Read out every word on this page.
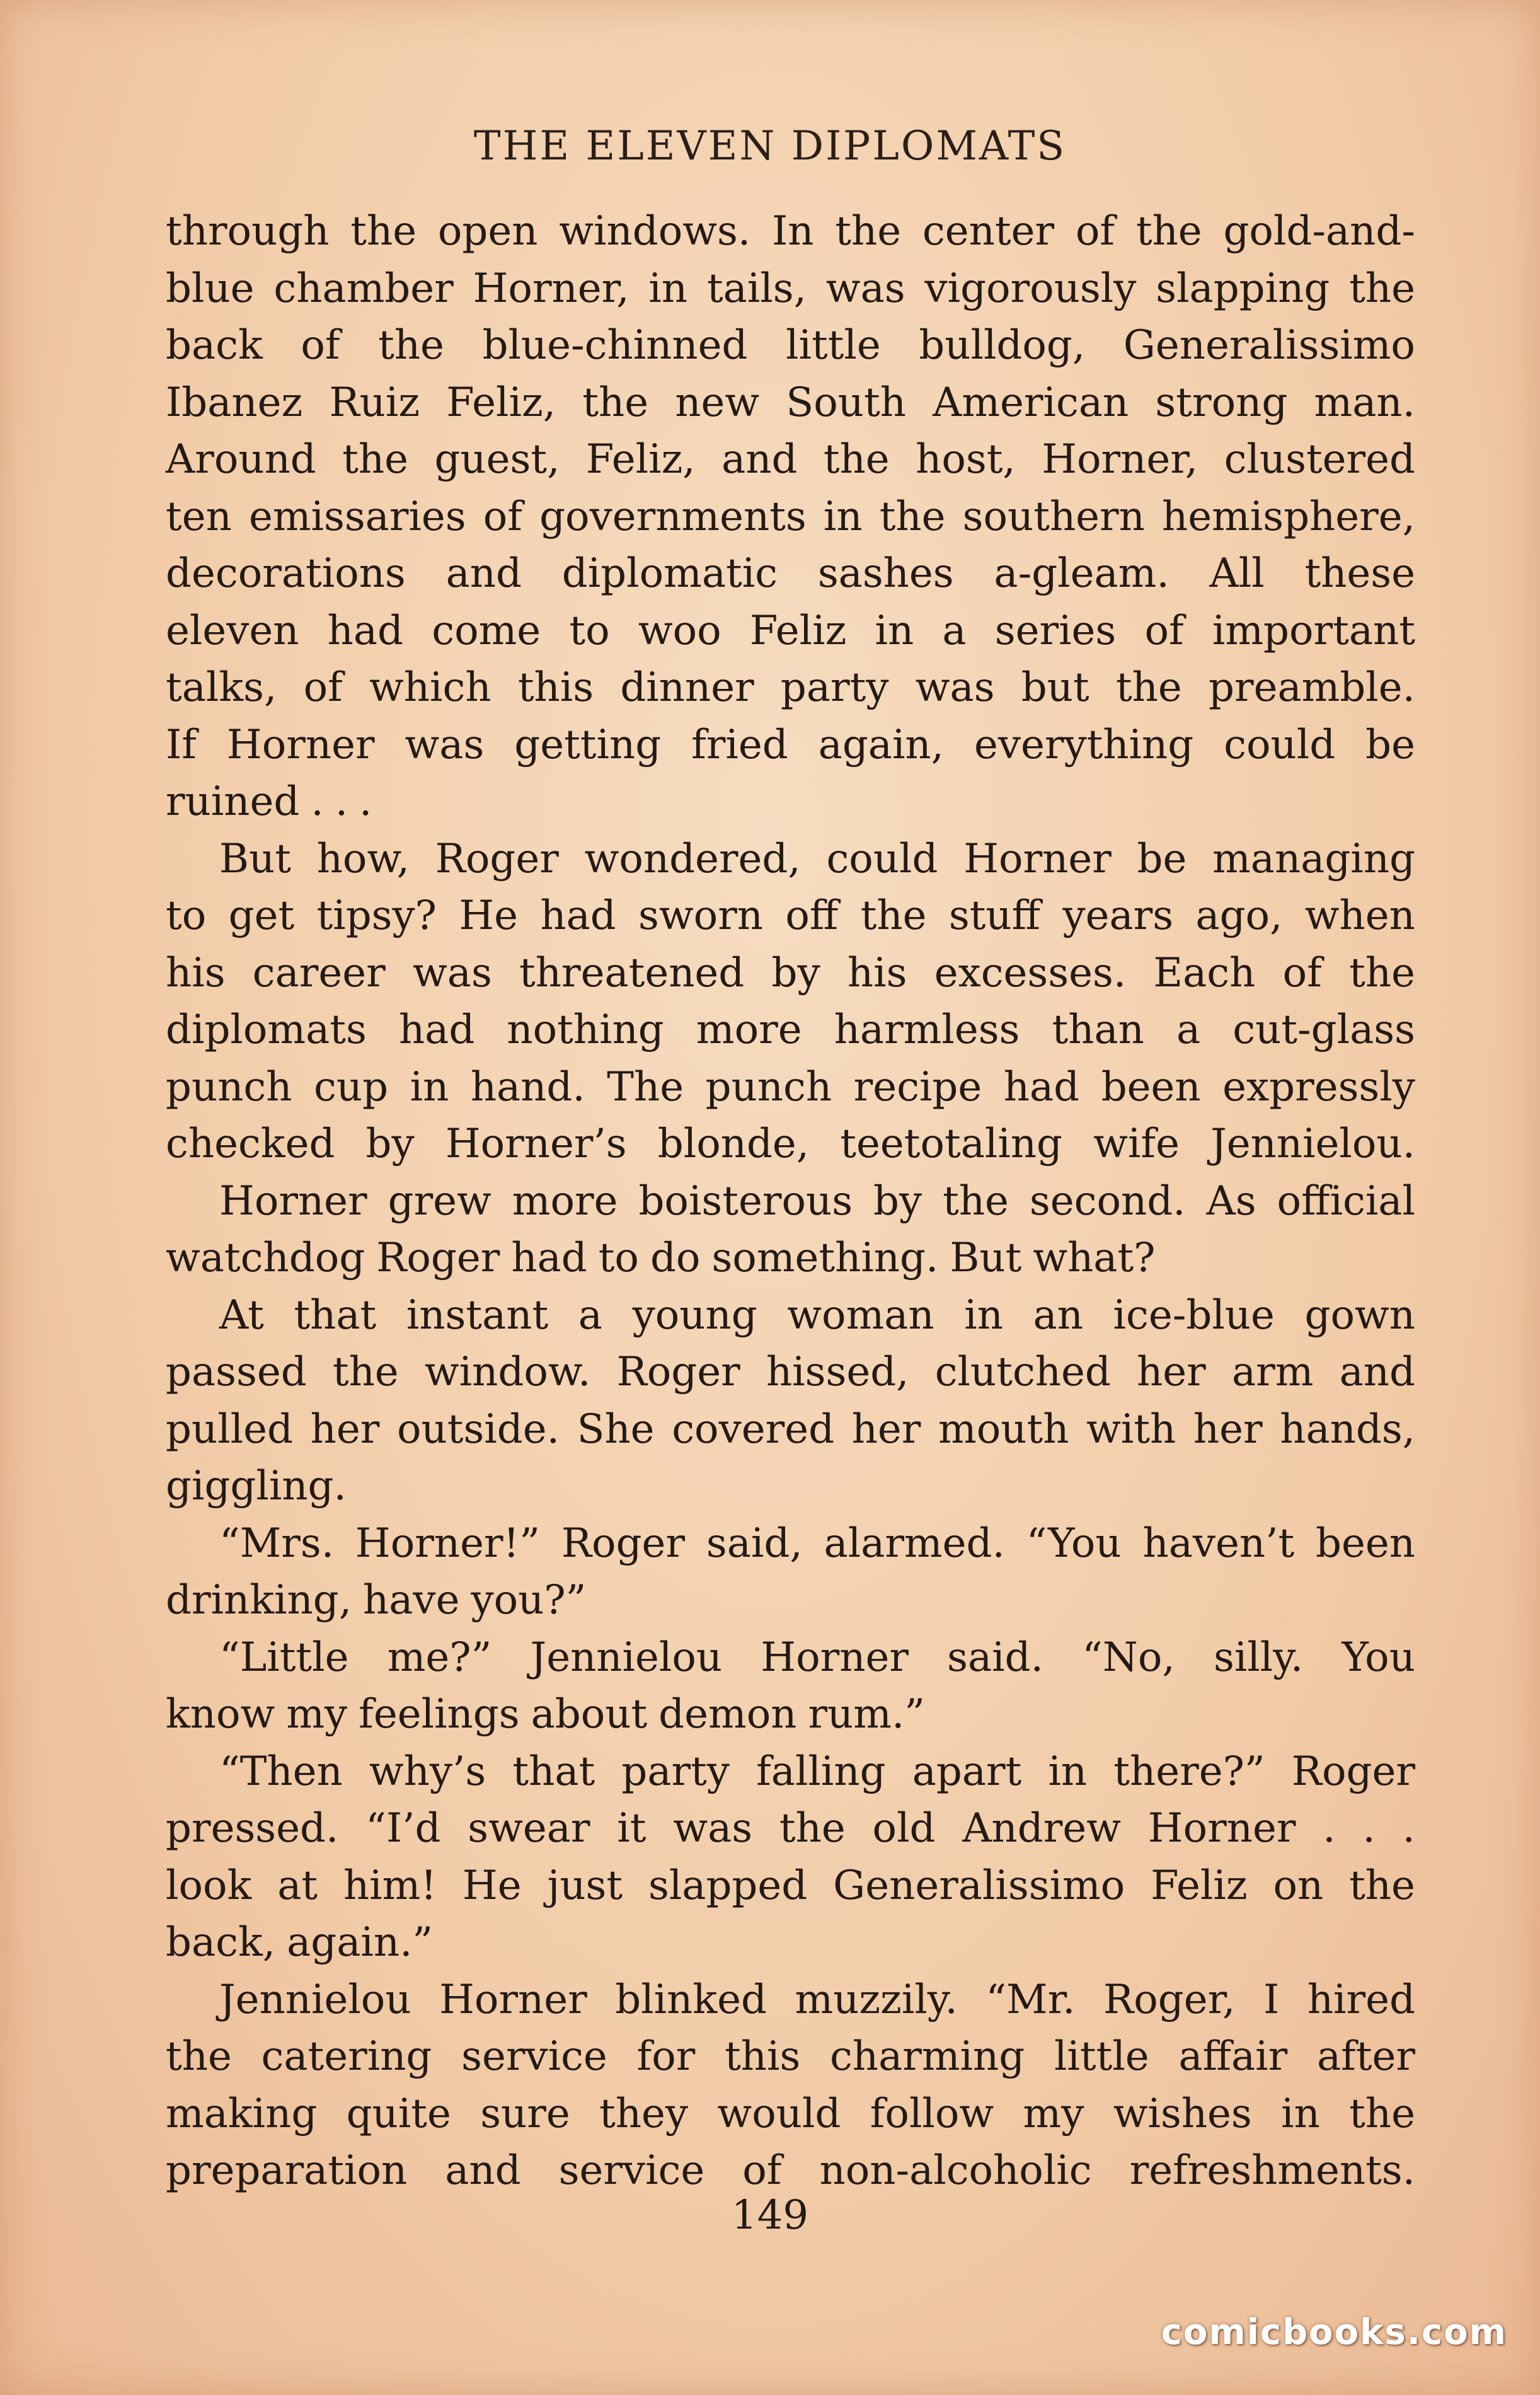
THE ELEVEN DIPLOMATS
through the open windows. In the center of the gold-and-
blue chamber Horner, in tails, was vigorously slapping the
back of the blue-chinned little bulldog, Generalissimo
Ibanez Ruiz Feliz, the new South American strong man.
Around the guest, Feliz, and the host, Horner, clustered
ten emissaries of governments in the southern hemisphere,
decorations and diplomatic sashes a-gleam. All these
eleven had come to woo Feliz in a series of important
talks, of which this dinner party was but the preamble.
If Horner was getting fried again, everything could be
ruined . . .
But how, Roger wondered, could Horner be managing
to get tipsy? He had sworn off the stuff years ago, when
his career was threatened by his excesses. Each of the
diplomats had nothing more harmless than a cut-glass
punch cup in hand. The punch recipe had been expressly
checked by Horner’s blonde, teetotaling wife Jennielou.
Horner grew more boisterous by the second. As official
watchdog Roger had to do something. But what?
At that instant a young woman in an ice-blue gown
passed the window. Roger hissed, clutched her arm and
pulled her outside. She covered her mouth with her hands,
giggling.
“Mrs. Horner!” Roger said, alarmed. “You haven’t been
drinking, have you?”
“Little me?” Jennielou Horner said. “No, silly. You
know my feelings about demon rum.”
“Then why’s that party falling apart in there?” Roger
pressed. “I’d swear it was the old Andrew Horner . . .
look at him! He just slapped Generalissimo Feliz on the
back, again.”
Jennielou Horner blinked muzzily. “Mr. Roger, I hired
the catering service for this charming little affair after
making quite sure they would follow my wishes in the
preparation and service of non-alcoholic refreshments.
149
comicbooks.com
